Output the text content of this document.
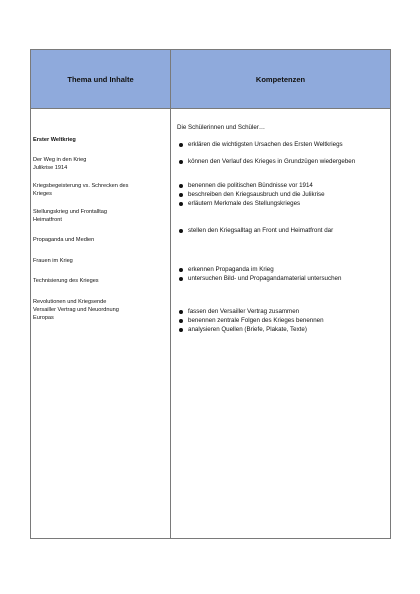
Thema und Inhalte	Kompetenzen
Erster Weltkrieg
Der Weg in den Krieg
Julikrise 1914
Kriegsbegeisterung vs. Schrecken des
Krieges
Stellungskrieg und Frontalltag
Heimatfront
Propaganda und Medien
Frauen im Krieg
Technisierung des Krieges
Revolutionen und Kriegsende
Versailler Vertrag und Neuordnung
Europas
Die Schülerinnen und Schüler…
erklären die wichtigsten Ursachen des Ersten Weltkriegs
können den Verlauf des Krieges in Grundzügen wiedergeben
benennen die politischen Bündnisse vor 1914
beschreiben den Kriegsausbruch und die Julikrise
erläutern Merkmale des Stellungskrieges
stellen den Kriegsalltag an Front und Heimatfront dar
erkennen Propaganda im Krieg
untersuchen Bild- und Propagandamaterial untersuchen
fassen den Versailler Vertrag zusammen
benennen zentrale Folgen des Krieges benennen
analysieren Quellen (Briefe, Plakate, Texte)
